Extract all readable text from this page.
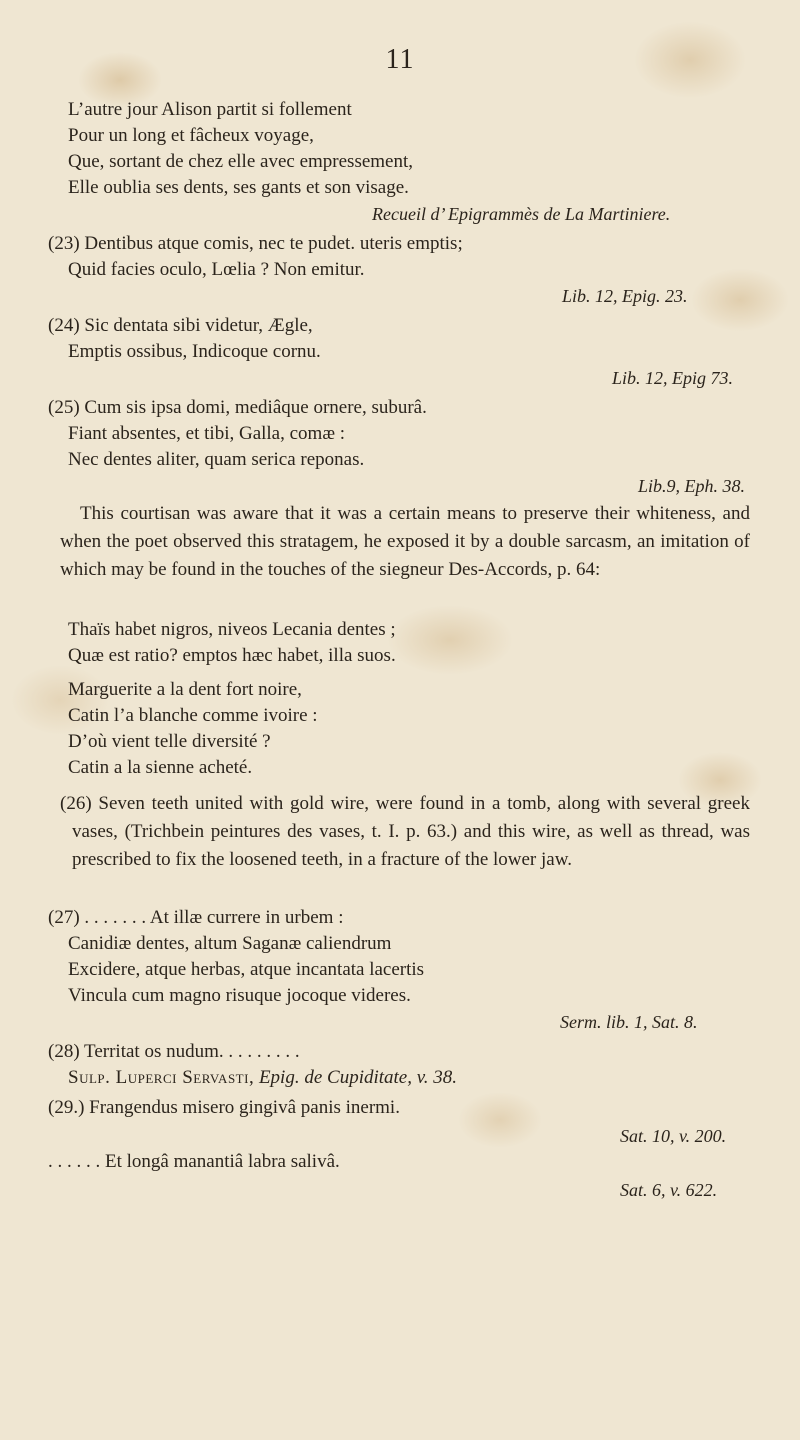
11
L’autre jour Alison partit si follement
Pour un long et fâcheux voyage,
Que, sortant de chez elle avec empressement,
Elle oublia ses dents, ses gants et son visage.
Recueil d’ Epigrammès de La Martiniere.
(23) Dentibus atque comis, nec te pudet. uteris emptis;
Quid facies oculo, Lœlia ? Non emitur.
Lib. 12, Epig. 23.
(24) Sic dentata sibi videtur, Ægle,
Emptis ossibus, Indicoque cornu.
Lib. 12, Epig 73.
(25) Cum sis ipsa domi, mediâque ornere, suburâ.
Fiant absentes, et tibi, Galla, comæ :
Nec dentes aliter, quam serica reponas.
Lib.9, Eph. 38.

This courtisan was aware that it was a certain means to preserve their whiteness, and when the poet observed this stratagem, he exposed it by a double sarcasm, an imitation of which may be found in the touches of the siegneur Des-Accords, p. 64:

Thaïs habet nigros, niveos Lecania dentes ;
Quæ est ratio? emptos hæc habet, illa suos.
Marguerite a la dent fort noire,
Catin l’a blanche comme ivoire :
D’où vient telle diversité ?
Catin a la sienne acheté.

(26) Seven teeth united with gold wire, were found in a tomb, along with several greek vases, (Trichbein peintures des vases, t. I. p. 63.) and this wire, as well as thread, was prescribed to fix the loosened teeth, in a fracture of the lower jaw.

(27) . . . . . . . At illæ currere in urbem :
Canidiæ dentes, altum Saganæ caliendrum
Excidere, atque herbas, atque incantata lacertis
Vincula cum magno risuque jocoque videres.
Serm. lib. 1, Sat. 8.
(28) Territat os nudum. . . . . . . . .
Sulp. Luperci Servasti, Epig. de Cupiditate, v. 38.
(29.) Frangendus misero gingivâ panis inermi.
Sat. 10, v. 200.
. . . . . . Et longâ manantiâ labra salivâ.
Sat. 6, v. 622.
